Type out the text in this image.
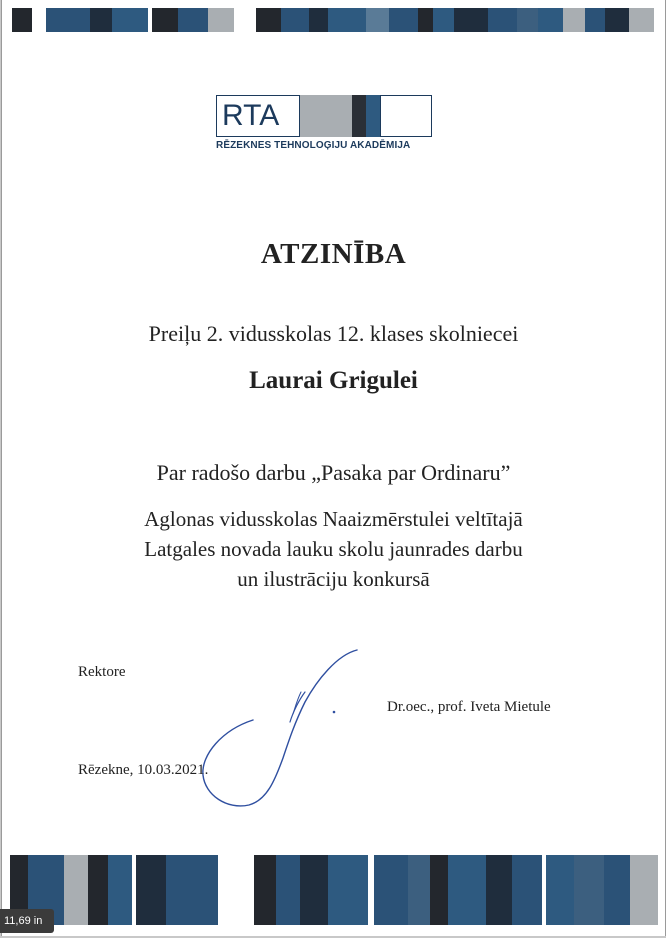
RTA
RĒZEKNES TEHNOLOĢIJU AKADĒMIJA
ATZINĪBA
Preiļu 2. vidusskolas 12. klases skolniecei
Laurai Grigulei
Par radošo darbu „Pasaka par Ordinaru”
Aglonas vidusskolas Naaizmērstulei veltītajā
Latgales novada lauku skolu jaunrades darbu
un ilustrāciju konkursā
Rektore
Dr.oec., prof. Iveta Mietule
Rēzekne, 10.03.2021.
11,69 in
